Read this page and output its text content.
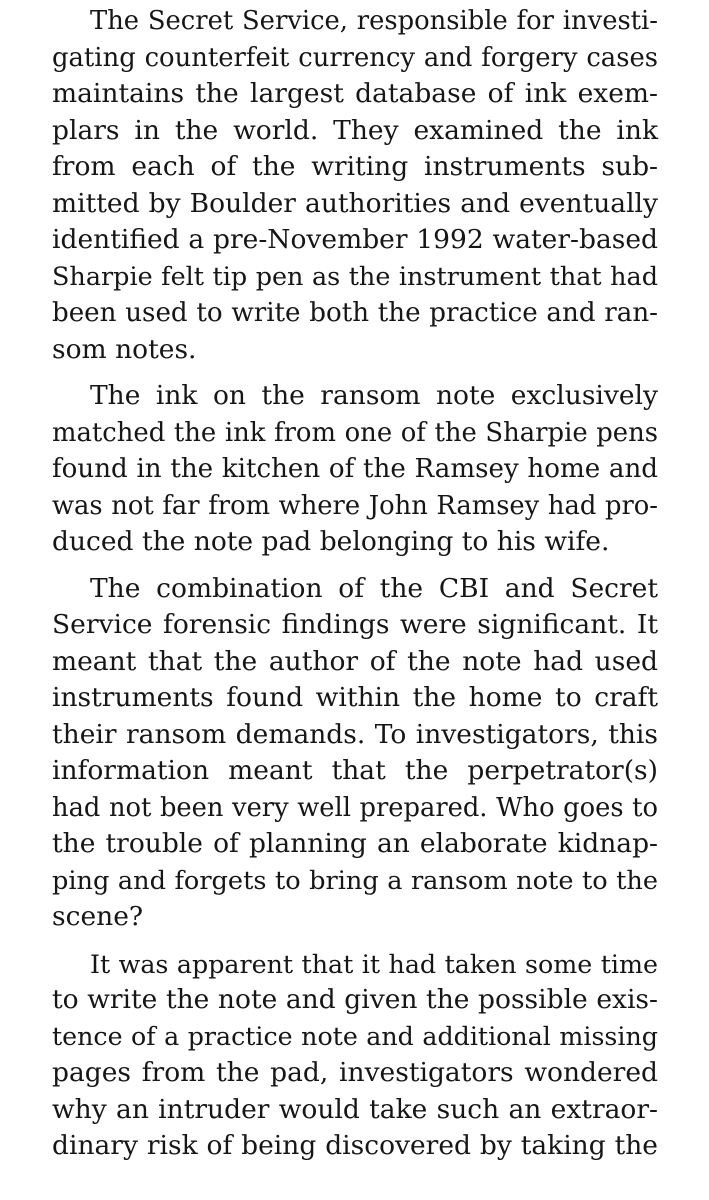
The Secret Service, responsible for investi-
gating counterfeit currency and forgery cases
maintains the largest database of ink exem-
plars in the world. They examined the ink
from each of the writing instruments sub-
mitted by Boulder authorities and eventually
identified a pre-November 1992 water-based
Sharpie felt tip pen as the instrument that had
been used to write both the practice and ran-
som notes.
The ink on the ransom note exclusively
matched the ink from one of the Sharpie pens
found in the kitchen of the Ramsey home and
was not far from where John Ramsey had pro-
duced the note pad belonging to his wife.
The combination of the CBI and Secret
Service forensic findings were significant. It
meant that the author of the note had used
instruments found within the home to craft
their ransom demands. To investigators, this
information meant that the perpetrator(s)
had not been very well prepared. Who goes to
the trouble of planning an elaborate kidnap-
ping and forgets to bring a ransom note to the
scene?
It was apparent that it had taken some time
to write the note and given the possible exis-
tence of a practice note and additional missing
pages from the pad, investigators wondered
why an intruder would take such an extraor-
dinary risk of being discovered by taking the
